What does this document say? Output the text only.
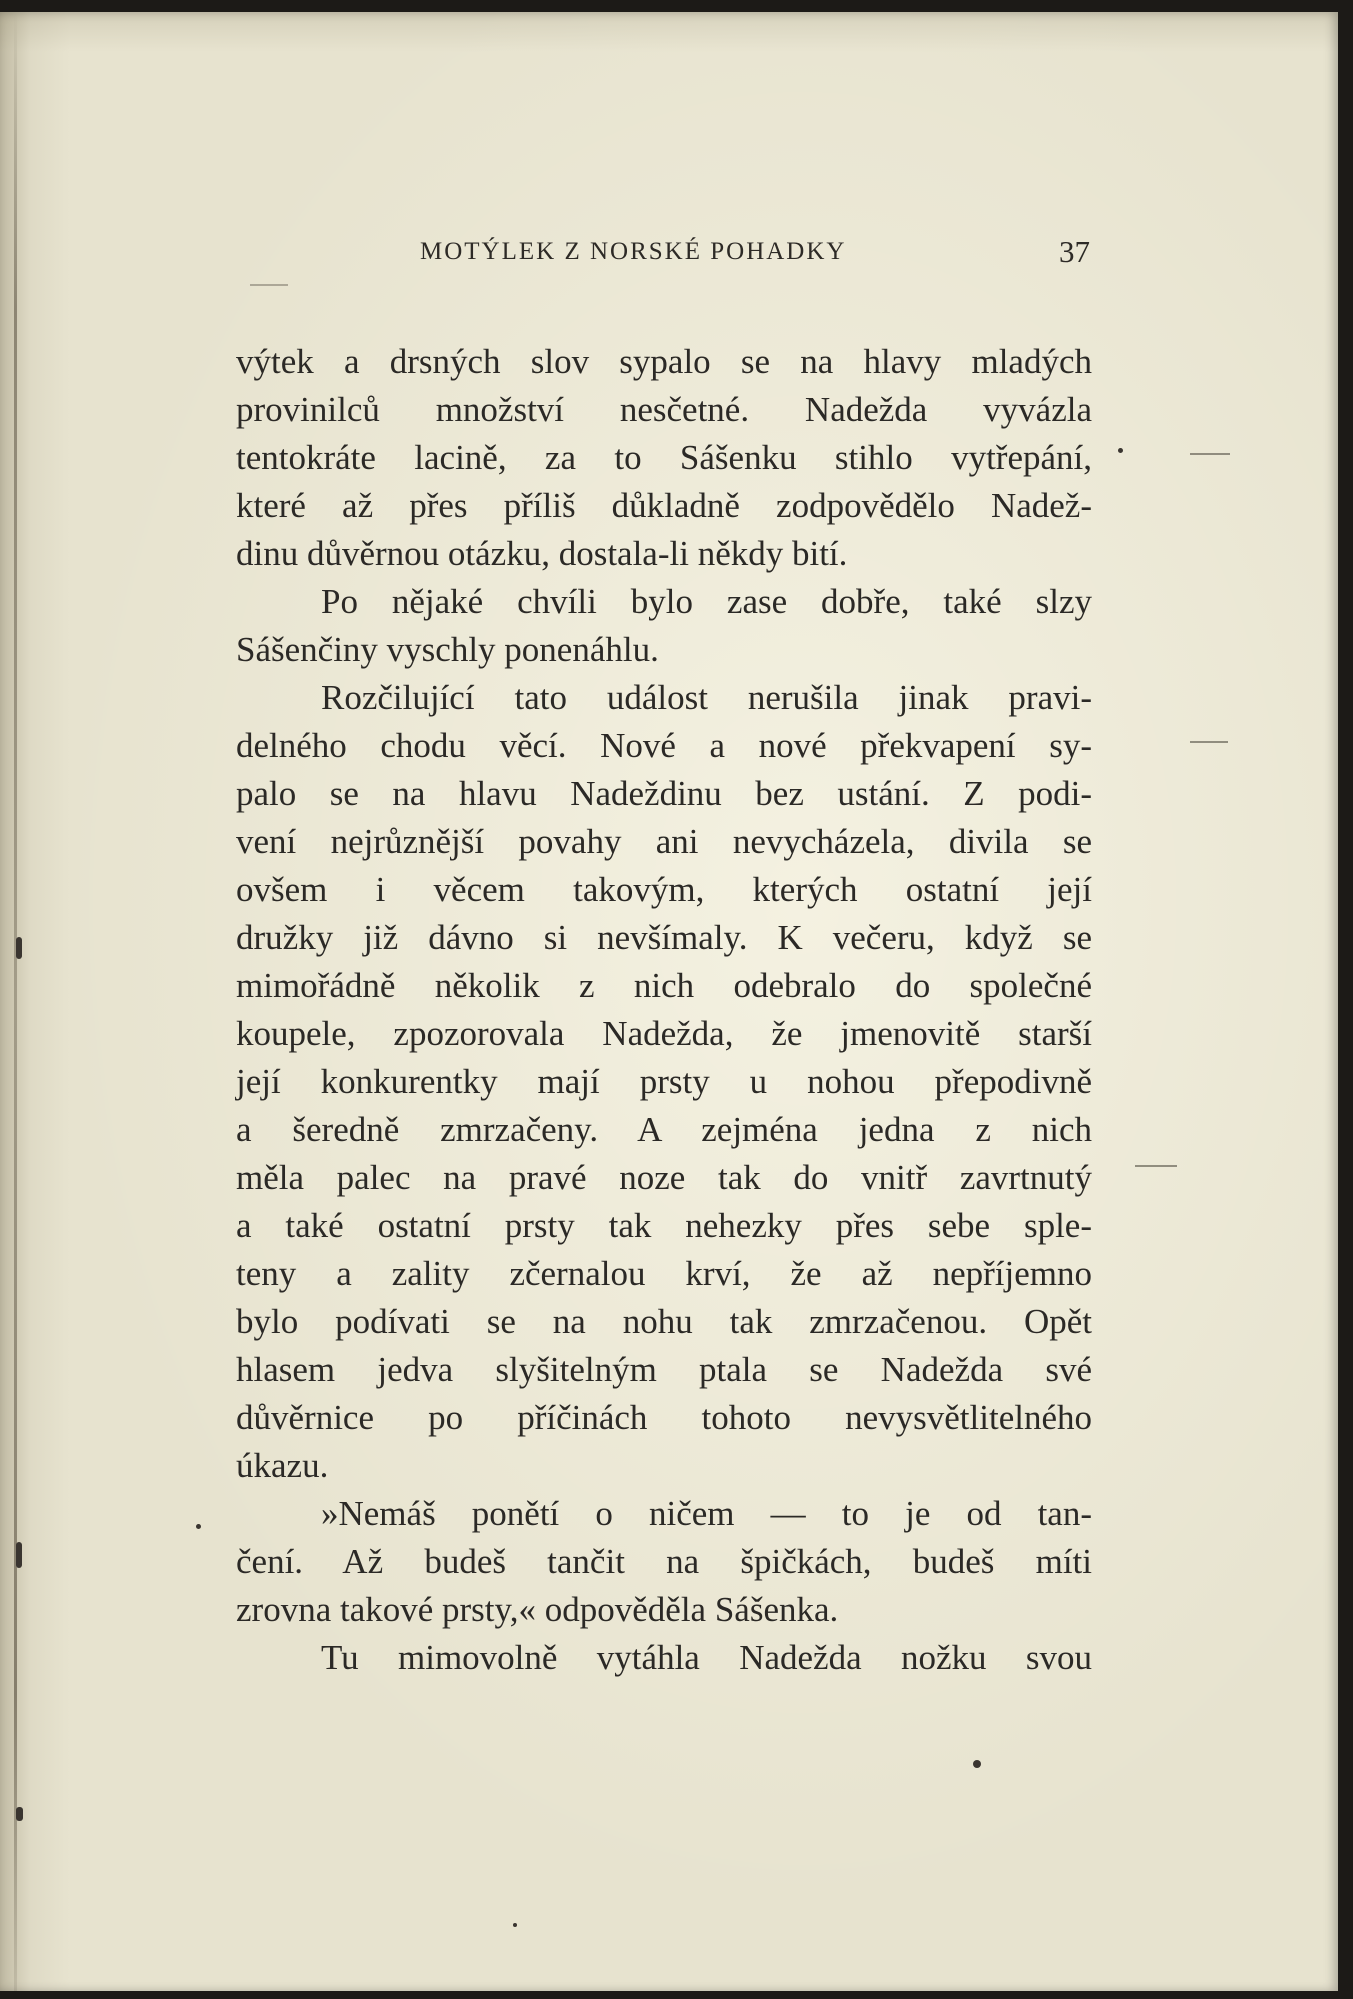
MOTÝLEK Z NORSKÉ POHADKY	37
výtek a drsných slov sypalo se na hlavy mladých
provinilců množství nesčetné. Nadežda vyvázla
tentokráte lacině, za to Sášenku stihlo vytřepání,
které až přes příliš důkladně zodpovědělo Nadež-
dinu důvěrnou otázku, dostala-li někdy bití.
Po nějaké chvíli bylo zase dobře, také slzy
Sášenčiny vyschly ponenáhlu.
Rozčilující tato událost nerušila jinak pravi-
delného chodu věcí. Nové a nové překvapení sy-
palo se na hlavu Nadeždinu bez ustání. Z podi-
vení nejrůznější povahy ani nevycházela, divila se
ovšem i věcem takovým, kterých ostatní její
družky již dávno si nevšímaly. K večeru, když se
mimořádně několik z nich odebralo do společné
koupele, zpozorovala Nadežda, že jmenovitě starší
její konkurentky mají prsty u nohou přepodivně
a šeredně zmrzačeny. A zejména jedna z nich
měla palec na pravé noze tak do vnitř zavrtnutý
a také ostatní prsty tak nehezky přes sebe sple-
teny a zality zčernalou krví, že až nepříjemno
bylo podívati se na nohu tak zmrzačenou. Opět
hlasem jedva slyšitelným ptala se Nadežda své
důvěrnice po příčinách tohoto nevysvětlitelného
úkazu.
»Nemáš ponětí o ničem — to je od tan-
čení. Až budeš tančit na špičkách, budeš míti
zrovna takové prsty,« odpověděla Sášenka.
Tu mimovolně vytáhla Nadežda nožku svou
